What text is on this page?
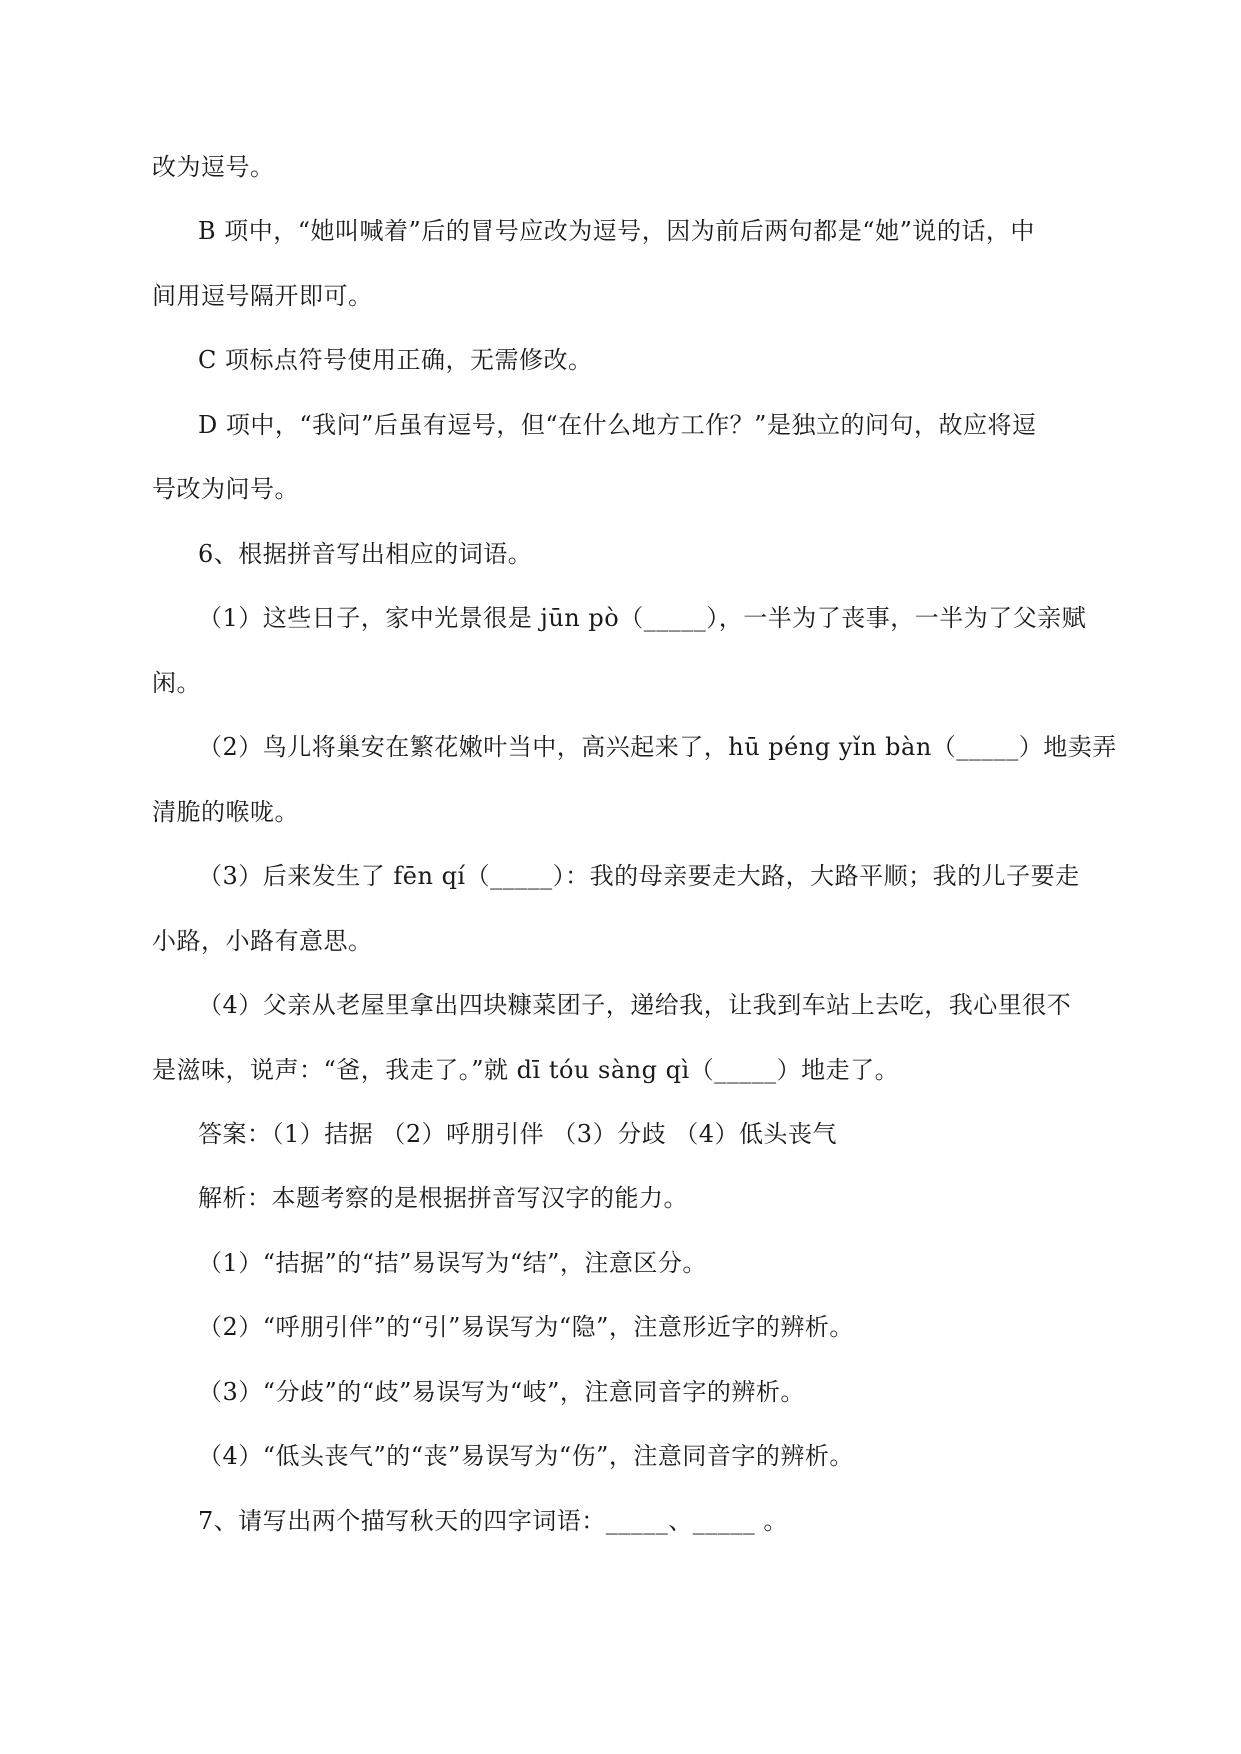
改为逗号。
B 项中，“她叫喊着”后的冒号应改为逗号，因为前后两句都是“她”说的话，中
间用逗号隔开即可。
C 项标点符号使用正确，无需修改。
D 项中，“我问”后虽有逗号，但“在什么地方工作？”是独立的问句，故应将逗
号改为问号。
6、根据拼音写出相应的词语。
（1）这些日子，家中光景很是 jūn pò（_____），一半为了丧事，一半为了父亲赋
闲。
（2）鸟儿将巢安在繁花嫩叶当中，高兴起来了，hū péng yǐn bàn（_____）地卖弄
清脆的喉咙。
（3）后来发生了 fēn qí（_____）：我的母亲要走大路，大路平顺；我的儿子要走
小路，小路有意思。
（4）父亲从老屋里拿出四块糠菜团子，递给我，让我到车站上去吃，我心里很不
是滋味，说声：“爸，我走了。”就 dī tóu sàng qì（_____）地走了。
答案：（1）拮据 （2）呼朋引伴 （3）分歧 （4）低头丧气
解析：本题考察的是根据拼音写汉字的能力。
（1）“拮据”的“拮”易误写为“结”，注意区分。
（2）“呼朋引伴”的“引”易误写为“隐”，注意形近字的辨析。
（3）“分歧”的“歧”易误写为“岐”，注意同音字的辨析。
（4）“低头丧气”的“丧”易误写为“伤”，注意同音字的辨析。
7、请写出两个描写秋天的四字词语：_____、_____ 。
